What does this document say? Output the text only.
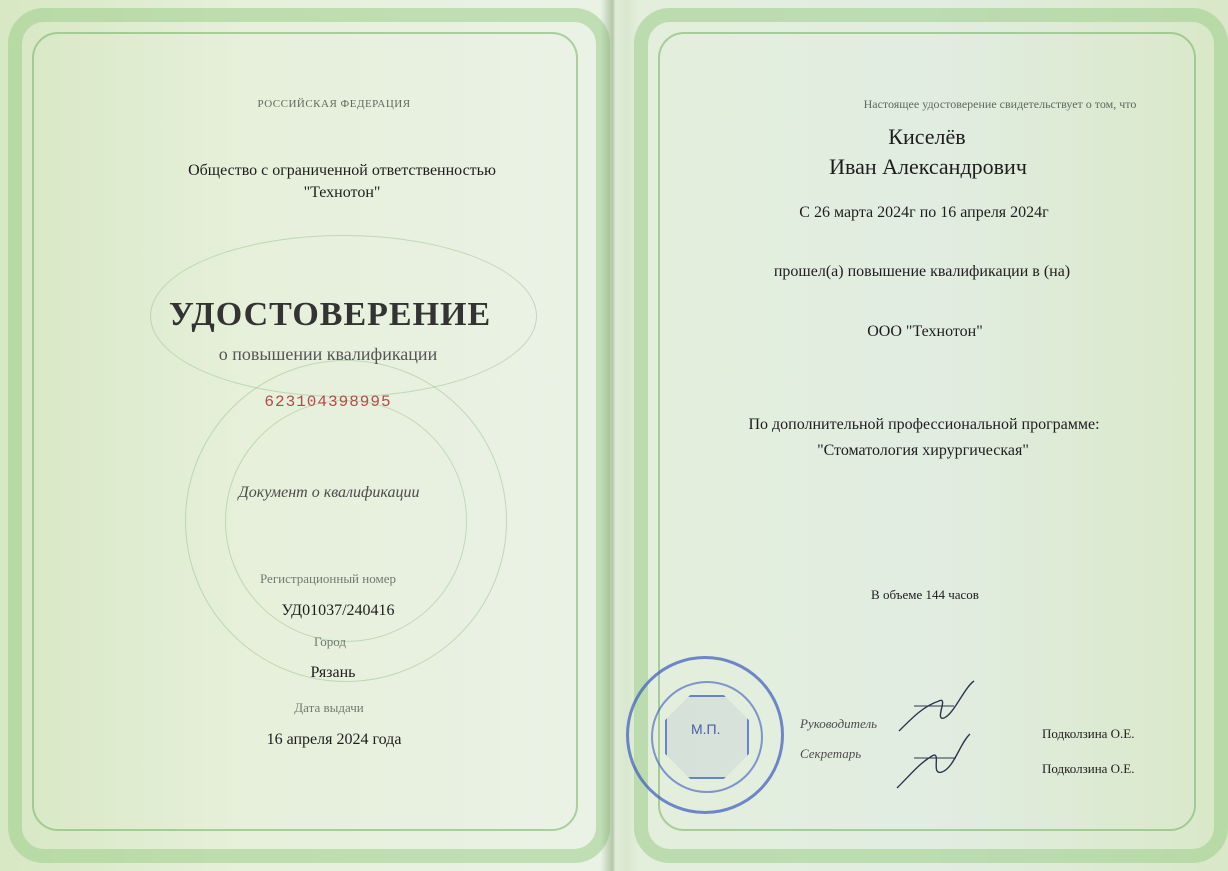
РОССИЙСКАЯ ФЕДЕРАЦИЯ
Общество с ограниченной ответственностью
"Технотон"
УДОСТОВЕРЕНИЕ
о повышении квалификации
623104398995
Документ о квалификации
Регистрационный номер
УД01037/240416
Город
Рязань
Дата выдачи
16 апреля 2024 года
Настоящее удостоверение свидетельствует о том, что
Киселёв
Иван Александрович
С 26 марта 2024г по 16 апреля 2024г
прошел(а) повышение квалификации в (на)
ООО "Технотон"
По дополнительной профессиональной программе:
"Стоматология хирургическая"
В объеме 144 часов
Руководитель
Секретарь
Подколзина О.Е.
Подколзина О.Е.
М.П.
